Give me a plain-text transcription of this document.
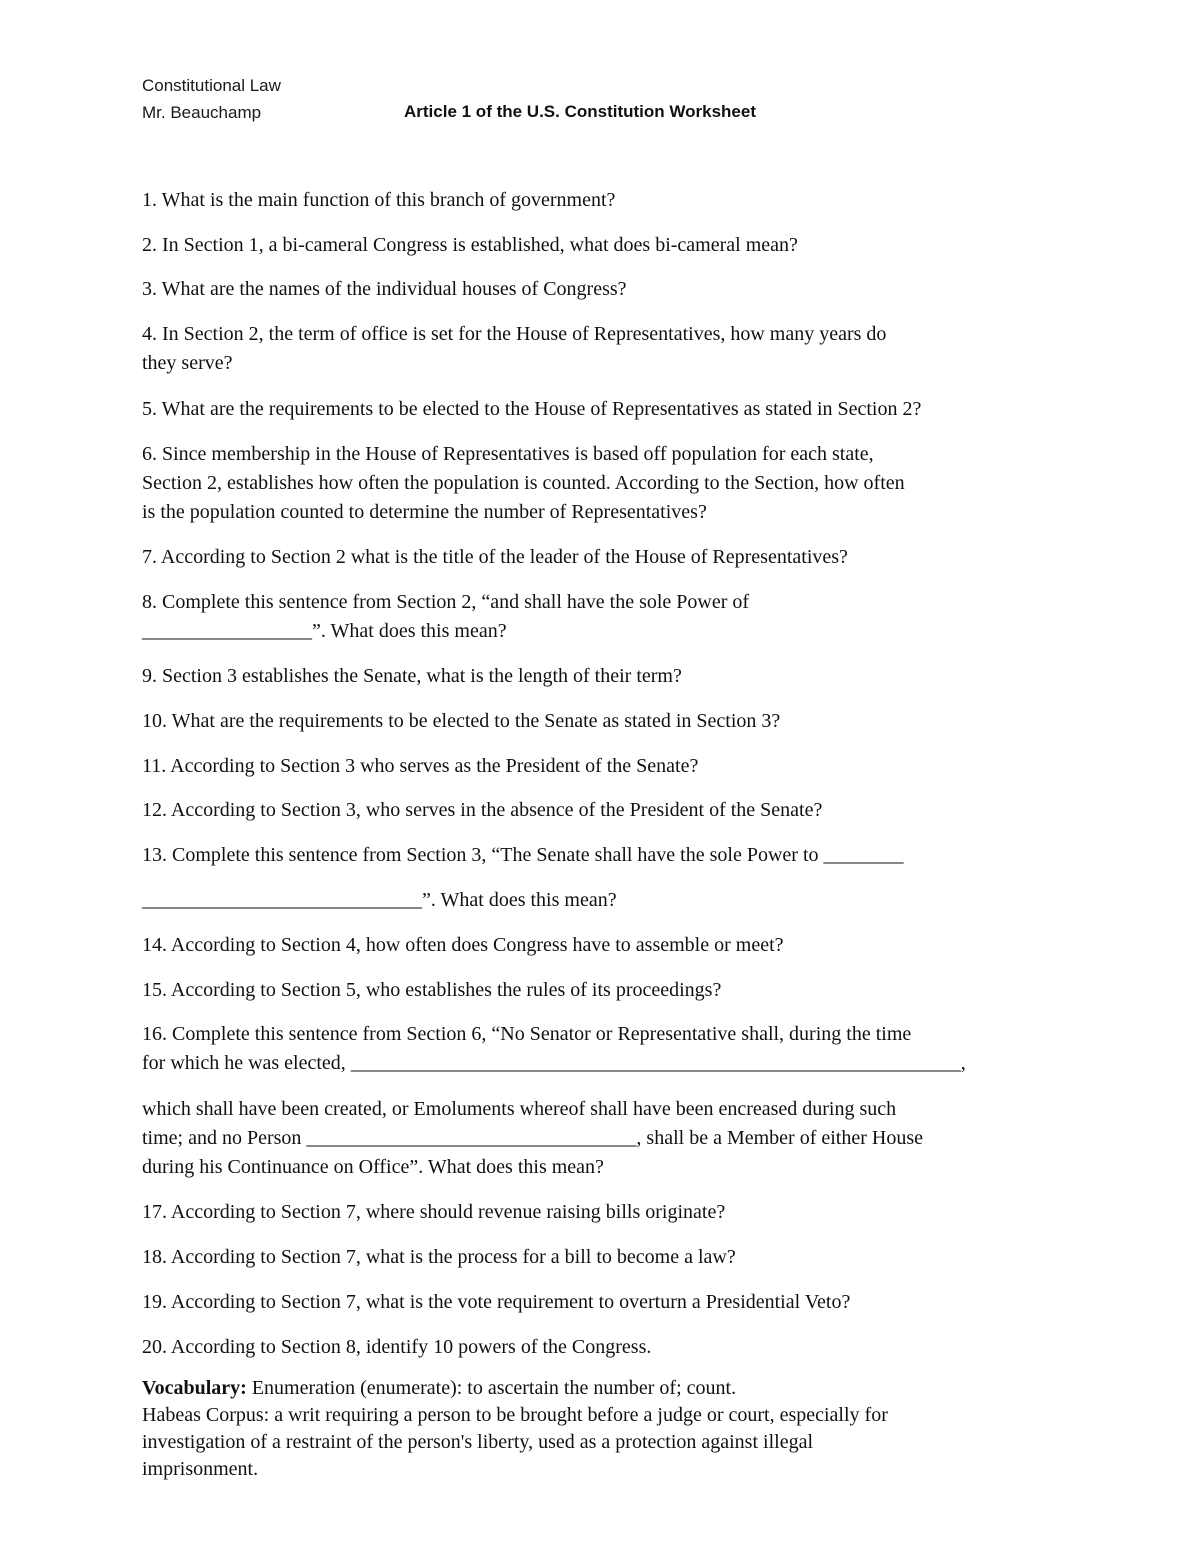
Constitutional Law
Mr. Beauchamp	Article 1 of the U.S. Constitution Worksheet
1. What is the main function of this branch of government?
2. In Section 1, a bi-cameral Congress is established, what does bi-cameral mean?
3. What are the names of the individual houses of Congress?
4. In Section 2, the term of office is set for the House of Representatives, how many years do
they serve?
5. What are the requirements to be elected to the House of Representatives as stated in Section 2?
6. Since membership in the House of Representatives is based off population for each state,
Section 2, establishes how often the population is counted. According to the Section, how often
is the population counted to determine the number of Representatives?
7. According to Section 2 what is the title of the leader of the House of Representatives?
8. Complete this sentence from Section 2, “and shall have the sole Power of
_________________”. What does this mean?
9. Section 3 establishes the Senate, what is the length of their term?
10. What are the requirements to be elected to the Senate as stated in Section 3?
11. According to Section 3 who serves as the President of the Senate?
12. According to Section 3, who serves in the absence of the President of the Senate?
13. Complete this sentence from Section 3, “The Senate shall have the sole Power to ________
____________________________”. What does this mean?
14. According to Section 4, how often does Congress have to assemble or meet?
15. According to Section 5, who establishes the rules of its proceedings?
16. Complete this sentence from Section 6, “No Senator or Representative shall, during the time
for which he was elected, _____________________________________________________________,
which shall have been created, or Emoluments whereof shall have been encreased during such
time; and no Person _________________________________, shall be a Member of either House
during his Continuance on Office”. What does this mean?
17. According to Section 7, where should revenue raising bills originate?
18. According to Section 7, what is the process for a bill to become a law?
19. According to Section 7, what is the vote requirement to overturn a Presidential Veto?
20. According to Section 8, identify 10 powers of the Congress.
Vocabulary: Enumeration (enumerate): to ascertain the number of; count.
Habeas Corpus: a writ requiring a person to be brought before a judge or court, especially for
investigation of a restraint of the person's liberty, used as a protection against illegal
imprisonment.
